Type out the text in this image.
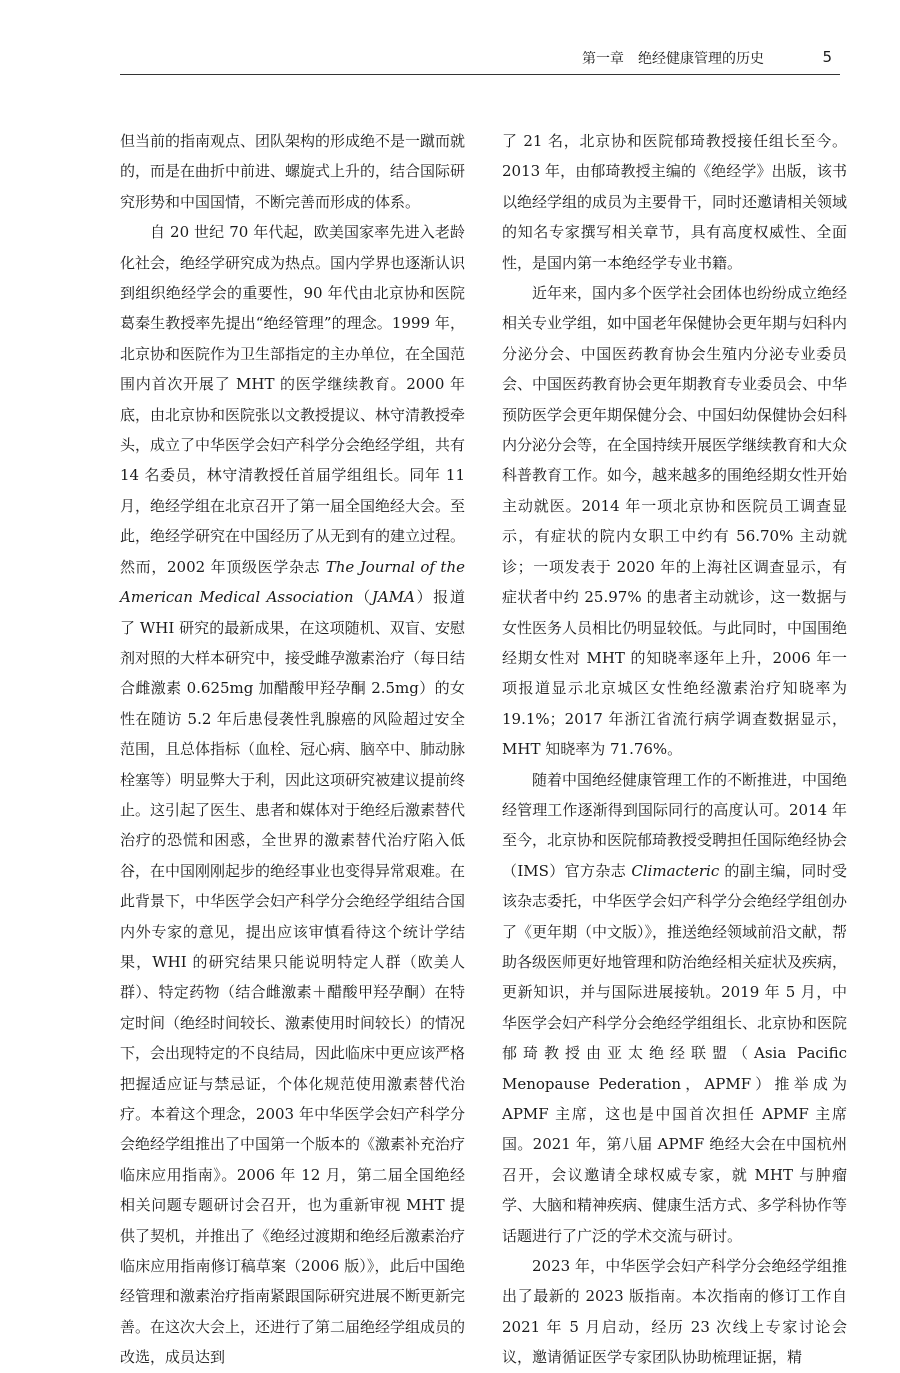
第一章　绝经健康管理的历史	5

但当前的指南观点、团队架构的形成绝不是一蹴而就的，而是在曲折中前进、螺旋式上升的，结合国际研究形势和中国国情，不断完善而形成的体系。

自 20 世纪 70 年代起，欧美国家率先进入老龄化社会，绝经学研究成为热点。国内学界也逐渐认识到组织绝经学会的重要性，90 年代由北京协和医院葛秦生教授率先提出“绝经管理”的理念。1999 年，北京协和医院作为卫生部指定的主办单位，在全国范围内首次开展了 MHT 的医学继续教育。2000 年底，由北京协和医院张以文教授提议、林守清教授牵头，成立了中华医学会妇产科学分会绝经学组，共有 14 名委员，林守清教授任首届学组组长。同年 11 月，绝经学组在北京召开了第一届全国绝经大会。至此，绝经学研究在中国经历了从无到有的建立过程。然而，2002 年顶级医学杂志 The Journal of the American Medical Association（JAMA）报道了 WHI 研究的最新成果，在这项随机、双盲、安慰剂对照的大样本研究中，接受雌孕激素治疗（每日结合雌激素 0.625mg 加醋酸甲羟孕酮 2.5mg）的女性在随访 5.2 年后患侵袭性乳腺癌的风险超过安全范围，且总体指标（血栓、冠心病、脑卒中、肺动脉栓塞等）明显弊大于利，因此这项研究被建议提前终止。这引起了医生、患者和媒体对于绝经后激素替代治疗的恐慌和困惑，全世界的激素替代治疗陷入低谷，在中国刚刚起步的绝经事业也变得异常艰难。在此背景下，中华医学会妇产科学分会绝经学组结合国内外专家的意见，提出应该审慎看待这个统计学结果，WHI 的研究结果只能说明特定人群（欧美人群）、特定药物（结合雌激素＋醋酸甲羟孕酮）在特定时间（绝经时间较长、激素使用时间较长）的情况下，会出现特定的不良结局，因此临床中更应该严格把握适应证与禁忌证，个体化规范使用激素替代治疗。本着这个理念，2003 年中华医学会妇产科学分会绝经学组推出了中国第一个版本的《激素补充治疗临床应用指南》。2006 年 12 月，第二届全国绝经相关问题专题研讨会召开，也为重新审视 MHT 提供了契机，并推出了《绝经过渡期和绝经后激素治疗临床应用指南修订稿草案（2006 版）》，此后中国绝经管理和激素治疗指南紧跟国际研究进展不断更新完善。在这次大会上，还进行了第二届绝经学组成员的改选，成员达到

了 21 名，北京协和医院郁琦教授接任组长至今。2013 年，由郁琦教授主编的《绝经学》出版，该书以绝经学组的成员为主要骨干，同时还邀请相关领域的知名专家撰写相关章节，具有高度权威性、全面性，是国内第一本绝经学专业书籍。

近年来，国内多个医学社会团体也纷纷成立绝经相关专业学组，如中国老年保健协会更年期与妇科内分泌分会、中国医药教育协会生殖内分泌专业委员会、中国医药教育协会更年期教育专业委员会、中华预防医学会更年期保健分会、中国妇幼保健协会妇科内分泌分会等，在全国持续开展医学继续教育和大众科普教育工作。如今，越来越多的围绝经期女性开始主动就医。2014 年一项北京协和医院员工调查显示，有症状的院内女职工中约有 56.70% 主动就诊；一项发表于 2020 年的上海社区调查显示，有症状者中约 25.97% 的患者主动就诊，这一数据与女性医务人员相比仍明显较低。与此同时，中国围绝经期女性对 MHT 的知晓率逐年上升，2006 年一项报道显示北京城区女性绝经激素治疗知晓率为 19.1%；2017 年浙江省流行病学调查数据显示，MHT 知晓率为 71.76%。

随着中国绝经健康管理工作的不断推进，中国绝经管理工作逐渐得到国际同行的高度认可。2014 年至今，北京协和医院郁琦教授受聘担任国际绝经协会（IMS）官方杂志 Climacteric 的副主编，同时受该杂志委托，中华医学会妇产科学分会绝经学组创办了《更年期（中文版）》，推送绝经领域前沿文献，帮助各级医师更好地管理和防治绝经相关症状及疾病，更新知识，并与国际进展接轨。2019 年 5 月，中华医学会妇产科学分会绝经学组组长、北京协和医院郁琦教授由亚太绝经联盟（Asia Pacific Menopause Pederation，APMF）推举成为 APMF 主席，这也是中国首次担任 APMF 主席国。2021 年，第八届 APMF 绝经大会在中国杭州召开，会议邀请全球权威专家，就 MHT 与肿瘤学、大脑和精神疾病、健康生活方式、多学科协作等话题进行了广泛的学术交流与研讨。

2023 年，中华医学会妇产科学分会绝经学组推出了最新的 2023 版指南。本次指南的修订工作自 2021 年 5 月启动，经历 23 次线上专家讨论会议，邀请循证医学专家团队协助梳理证据，精
